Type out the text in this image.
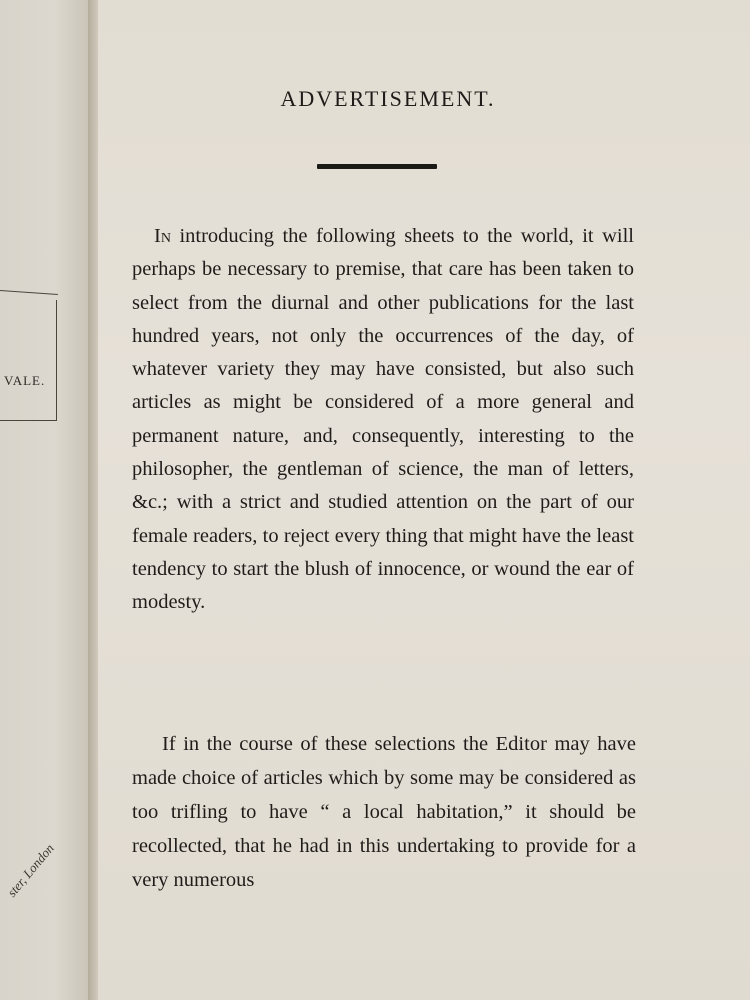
VALE.
ster, London
ADVERTISEMENT.

In introducing the following sheets to the world, it will perhaps be necessary to premise, that care has been taken to select from the diurnal and other publications for the last hundred years, not only the occurrences of the day, of whatever variety they may have consisted, but also such articles as might be considered of a more general and permanent nature, and, consequently, interesting to the philosopher, the gentleman of science, the man of letters, &c.; with a strict and studied attention on the part of our female readers, to reject every thing that might have the least tendency to start the blush of innocence, or wound the ear of modesty.

If in the course of these selections the Editor may have made choice of articles which by some may be considered as too trifling to have “ a local habitation,” it should be recollected, that he had in this undertaking to provide for a very numerous
